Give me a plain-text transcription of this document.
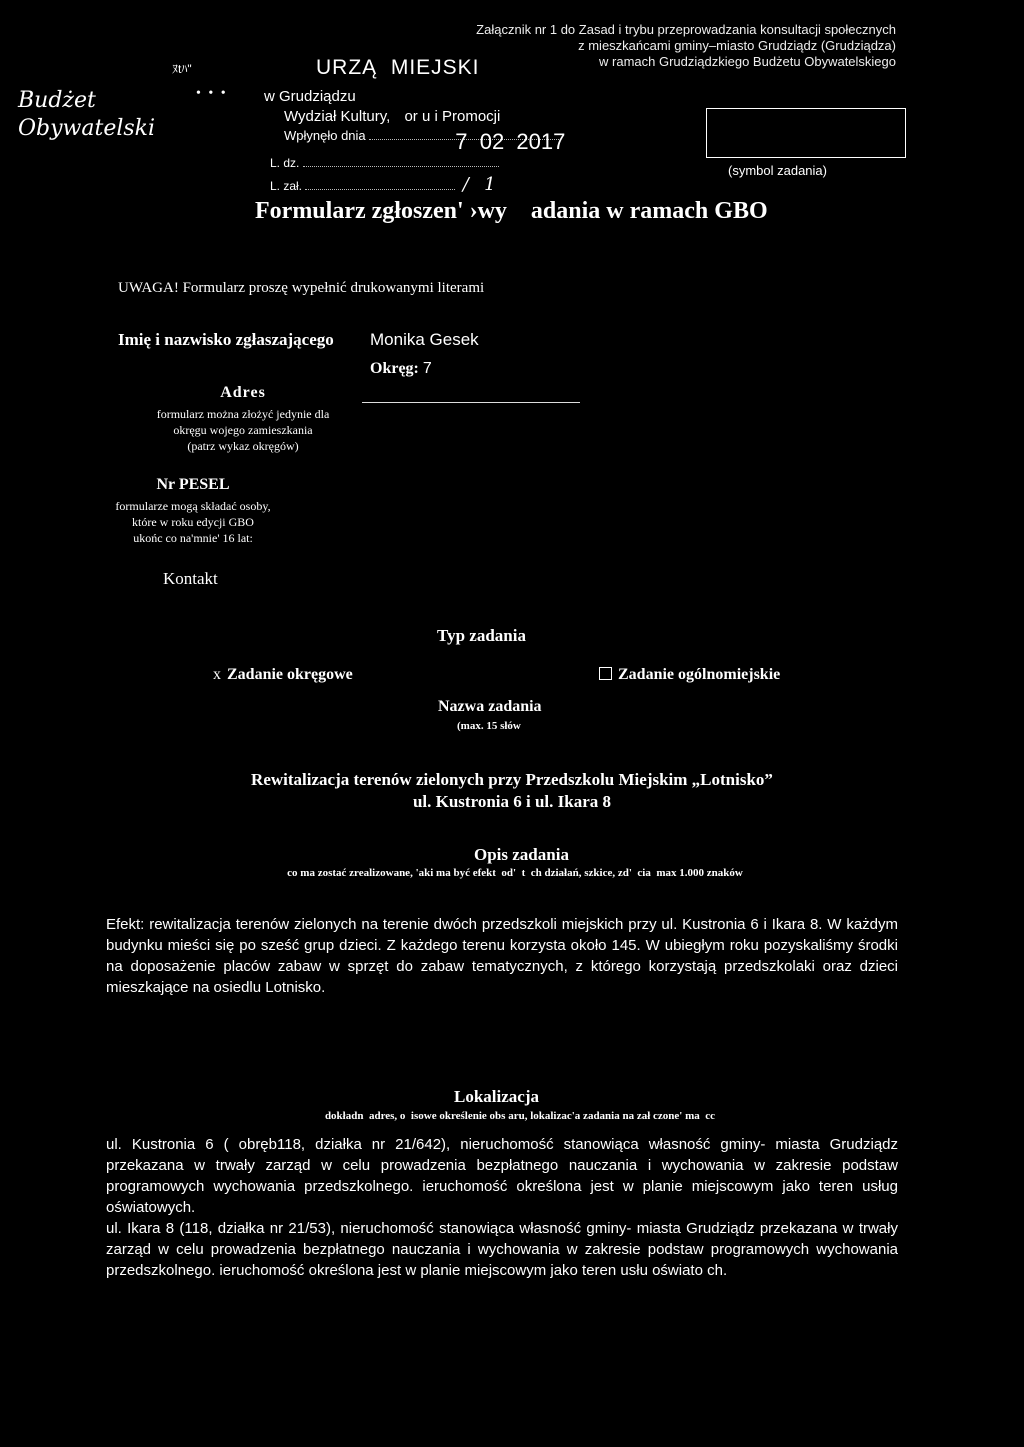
Załącznik nr 1 do Zasad i trybu przeprowadzania konsultacji społecznych
z mieszkańcami gminy–miasto Grudziądz (Grudziądza)
w ramach Grudziądzkiego Budżetu Obywatelskiego
ﾇtﾊ"
Budżet
Obywatelski
• • •
URZĄ  MIEJSKI
w Grudziądzu
Wydział Kultury, or u i Promocji
Wpłynęło dnia	7  02  2017
L. dz.
L. zał.	/ 1
(symbol zadania)
Formularz zgłoszen' ›wy    adania w ramach GBO
UWAGA! Formularz proszę wypełnić drukowanymi literami
Imię i nazwisko zgłaszającego Monika Gesek
Adres
formularz można złożyć jedynie dla
okręgu wojego zamieszkania
(patrz wykaz okręgów)
Okręg: 7
Nr PESEL
formularze mogą składać osoby,
które w roku edycji GBO
ukońc co na'mnie' 16 lat:
Kontakt
Typ zadania
x Zadanie okręgowe	Zadanie ogólnomiejskie
Nazwa zadania
(max. 15 słów
Rewitalizacja terenów zielonych przy Przedszkolu Miejskim „Lotnisko”
ul. Kustronia 6 i ul. Ikara 8
Opis zadania
co ma zostać zrealizowane, 'aki ma być efekt  od'  t  ch działań, szkice, zd'  cia  max 1.000 znaków
Efekt: rewitalizacja terenów zielonych na terenie dwóch przedszkoli miejskich przy ul. Kustronia 6 i Ikara 8. W każdym budynku mieści się po sześć grup dzieci. Z każdego terenu korzysta około 145. W ubiegłym roku pozyskaliśmy środki na doposażenie placów zabaw w sprzęt do zabaw tematycznych, z którego korzystają przedszkolaki oraz dzieci mieszkające na osiedlu Lotnisko.
Lokalizacja
dokładn  adres, o  isowe określenie obs aru, lokalizac'a zadania na zał czone' ma  cc
ul. Kustronia 6 ( obręb118, działka nr 21/642), nieruchomość stanowiąca własność gminy- miasta Grudziądz przekazana w trwały zarząd w celu prowadzenia bezpłatnego nauczania i wychowania w zakresie podstaw programowych wychowania przedszkolnego. ieruchomość określona jest w planie miejscowym jako teren usług oświatowych.
ul. Ikara 8 (118, działka nr 21/53), nieruchomość stanowiąca własność gminy- miasta Grudziądz przekazana w trwały zarząd w celu prowadzenia bezpłatnego nauczania i wychowania w zakresie podstaw programowych wychowania przedszkolnego. ieruchomość określona jest w planie miejscowym jako teren usłu oświato ch.
